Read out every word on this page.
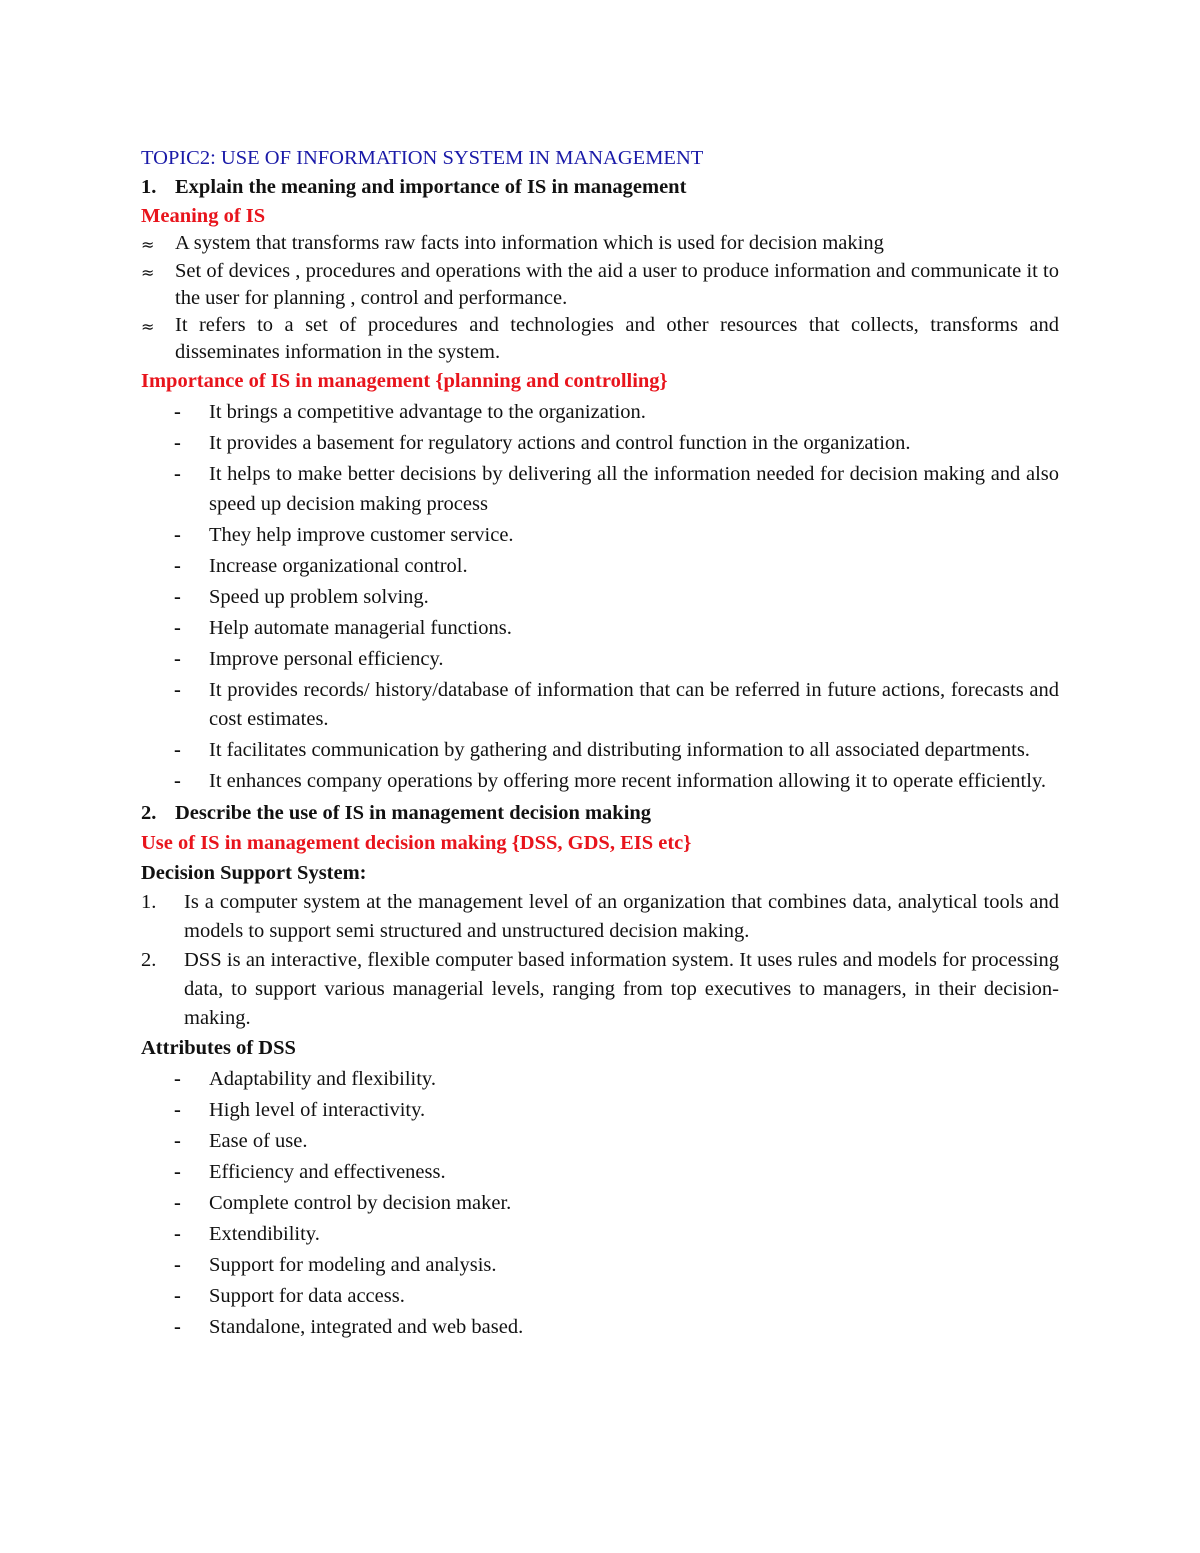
TOPIC2: USE OF INFORMATION SYSTEM IN MANAGEMENT
1. Explain the meaning and importance of IS in management
Meaning of IS
≈	A system that transforms raw facts into information which is used for decision making
≈	Set of devices , procedures and operations with the aid a user to produce information and communicate it to the user for planning , control and performance.
≈	It refers to a set of procedures and technologies and other resources that collects, transforms and disseminates information in the system.
Importance of IS in management {planning and controlling}
-	It brings a competitive advantage to the organization.
-	It provides a basement for regulatory actions and control function in the organization.
-	It helps to make better decisions by delivering all the information needed for decision making and also speed up decision making process
-	They help improve customer service.
-	Increase organizational control.
-	Speed up problem solving.
-	Help automate managerial functions.
-	Improve personal efficiency.
-	It provides records/ history/database of information that can be referred in future actions, forecasts and cost estimates.
-	It facilitates communication by gathering and distributing information to all associated departments.
-	It enhances company operations by offering more recent information allowing it to operate efficiently.
2. Describe the use of IS in management decision making
Use of IS in management decision making {DSS, GDS, EIS etc}
Decision Support System:
1.	Is a computer system at the management level of an organization that combines data, analytical tools and models to support semi structured and unstructured decision making.
2.	DSS is an interactive, flexible computer based information system. It uses rules and models for processing data, to support various managerial levels, ranging from top executives to managers, in their decision-making.
Attributes of DSS
-	Adaptability and flexibility.
-	High level of interactivity.
-	Ease of use.
-	Efficiency and effectiveness.
-	Complete control by decision maker.
-	Extendibility.
-	Support for modeling and analysis.
-	Support for data access.
-	Standalone, integrated and web based.
